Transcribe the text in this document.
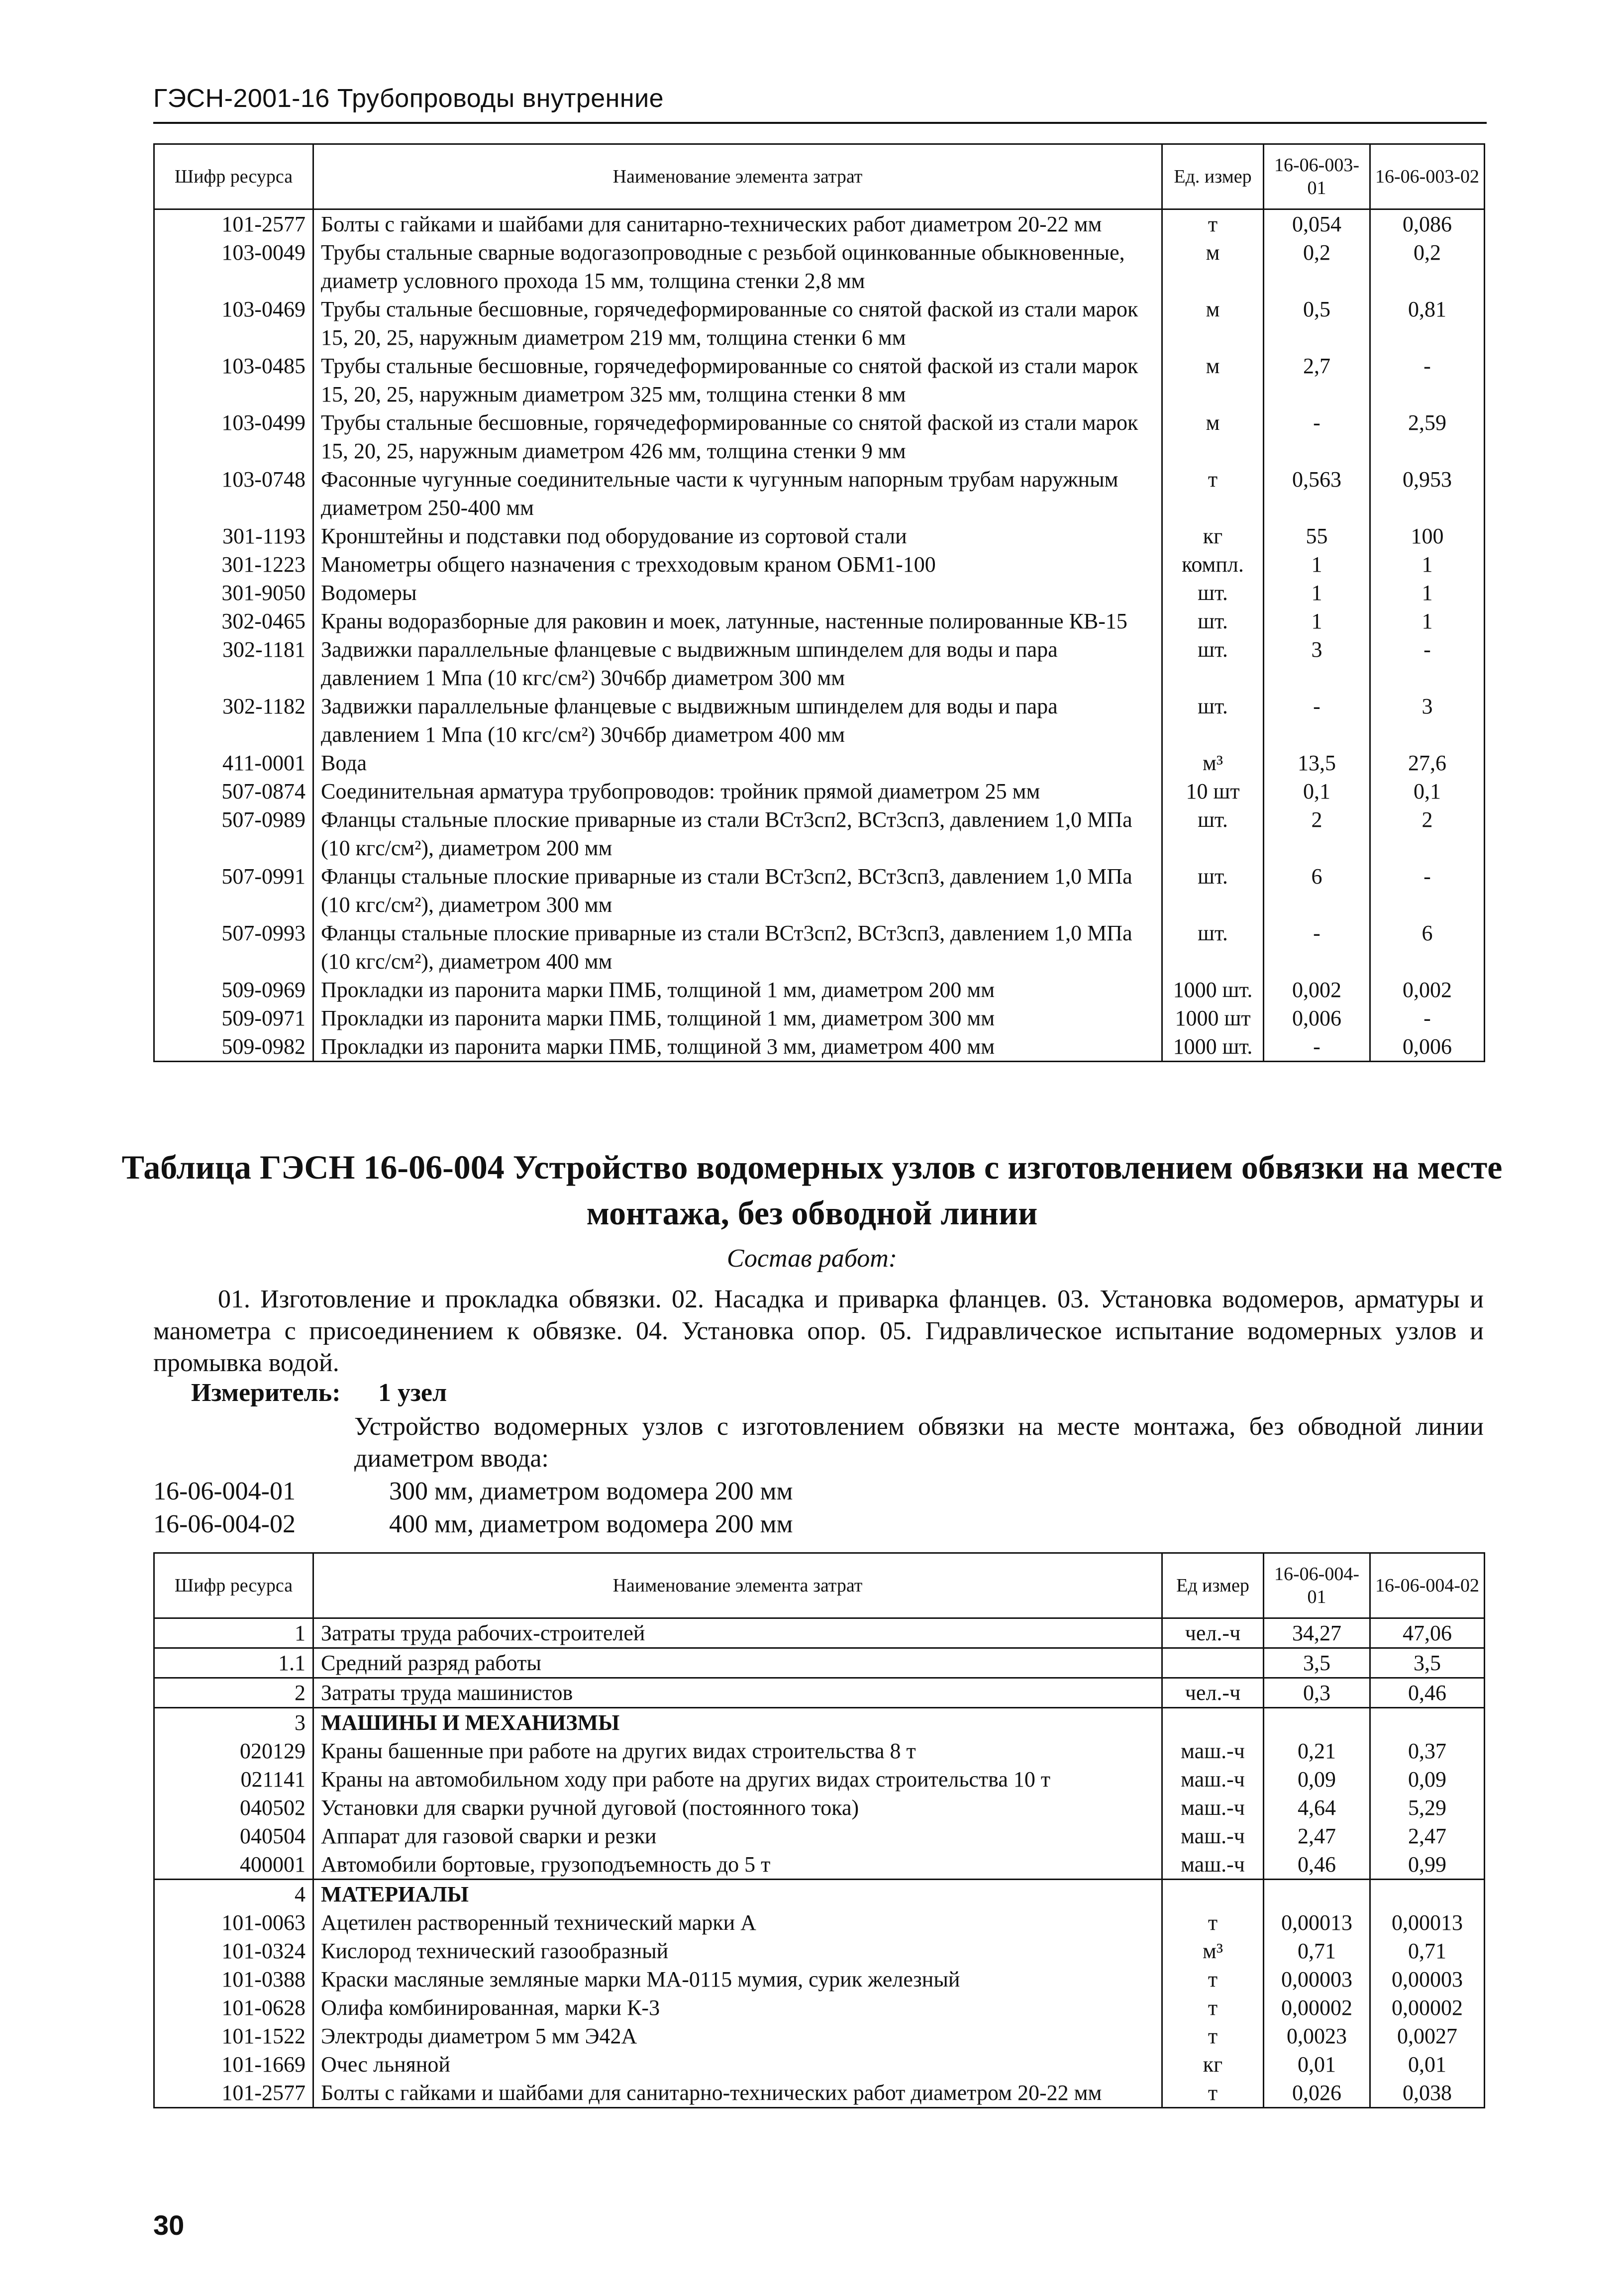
ГЭСН-2001-16 Трубопроводы внутренние
Шифр ресурса	Наименование элемента затрат	Ед. измер	16-06-003-01	16-06-003-02
101-2577	Болты с гайками и шайбами для санитарно-технических работ диаметром 20-22 мм	т	0,054	0,086
103-0049	Трубы стальные сварные водогазопроводные с резьбой оцинкованные обыкновенные, диаметр условного прохода 15 мм, толщина стенки 2,8 мм	м	0,2	0,2
103-0469	Трубы стальные бесшовные, горячедеформированные со снятой фаской из стали марок 15, 20, 25, наружным диаметром 219 мм, толщина стенки 6 мм	м	0,5	0,81
103-0485	Трубы стальные бесшовные, горячедеформированные со снятой фаской из стали марок 15, 20, 25, наружным диаметром 325 мм, толщина стенки 8 мм	м	2,7	-
103-0499	Трубы стальные бесшовные, горячедеформированные со снятой фаской из стали марок 15, 20, 25, наружным диаметром 426 мм, толщина стенки 9 мм	м	-	2,59
103-0748	Фасонные чугунные соединительные части к чугунным напорным трубам наружным диаметром 250-400 мм	т	0,563	0,953
301-1193	Кронштейны и подставки под оборудование из сортовой стали	кг	55	100
301-1223	Манометры общего назначения с трехходовым краном ОБМ1-100	компл.	1	1
301-9050	Водомеры	шт.	1	1
302-0465	Краны водоразборные для раковин и моек, латунные, настенные полированные КВ-15	шт.	1	1
302-1181	Задвижки параллельные фланцевые с выдвижным шпинделем для воды и пара давлением 1 Мпа (10 кгс/см²) 30ч6бр диаметром 300 мм	шт.	3	-
302-1182	Задвижки параллельные фланцевые с выдвижным шпинделем для воды и пара давлением 1 Мпа (10 кгс/см²) 30ч6бр диаметром 400 мм	шт.	-	3
411-0001	Вода	м³	13,5	27,6
507-0874	Соединительная арматура трубопроводов: тройник прямой диаметром 25 мм	10 шт	0,1	0,1
507-0989	Фланцы стальные плоские приварные из стали ВСт3сп2, ВСт3сп3, давлением 1,0 МПа (10 кгс/см²), диаметром 200 мм	шт.	2	2
507-0991	Фланцы стальные плоские приварные из стали ВСт3сп2, ВСт3сп3, давлением 1,0 МПа (10 кгс/см²), диаметром 300 мм	шт.	6	-
507-0993	Фланцы стальные плоские приварные из стали ВСт3сп2, ВСт3сп3, давлением 1,0 МПа (10 кгс/см²), диаметром 400 мм	шт.	-	6
509-0969	Прокладки из паронита марки ПМБ, толщиной 1 мм, диаметром 200 мм	1000 шт.	0,002	0,002
509-0971	Прокладки из паронита марки ПМБ, толщиной 1 мм, диаметром 300 мм	1000 шт	0,006	-
509-0982	Прокладки из паронита марки ПМБ, толщиной 3 мм, диаметром 400 мм	1000 шт.	-	0,006
Таблица ГЭСН 16-06-004 Устройство водомерных узлов с изготовлением обвязки на месте монтажа, без обводной линии
Состав работ:
01. Изготовление и прокладка обвязки. 02. Насадка и приварка фланцев. 03. Установка водомеров, арматуры и манометра с присоединением к обвязке. 04. Установка опор. 05. Гидравлическое испытание водомерных узлов и промывка водой.
Измеритель: 1 узел
Устройство водомерных узлов с изготовлением обвязки на месте монтажа, без обводной линии диаметром ввода:
16-06-004-01	300 мм, диаметром водомера 200 мм
16-06-004-02	400 мм, диаметром водомера 200 мм
Шифр ресурса	Наименование элемента затрат	Ед измер	16-06-004-01	16-06-004-02
1	Затраты труда рабочих-строителей	чел.-ч	34,27	47,06
1.1	Средний разряд работы		3,5	3,5
2	Затраты труда машинистов	чел.-ч	0,3	0,46
3	МАШИНЫ И МЕХАНИЗМЫ			
020129	Краны башенные при работе на других видах строительства 8 т	маш.-ч	0,21	0,37
021141	Краны на автомобильном ходу при работе на других видах строительства 10 т	маш.-ч	0,09	0,09
040502	Установки для сварки ручной дуговой (постоянного тока)	маш.-ч	4,64	5,29
040504	Аппарат для газовой сварки и резки	маш.-ч	2,47	2,47
400001	Автомобили бортовые, грузоподъемность до 5 т	маш.-ч	0,46	0,99
4	МАТЕРИАЛЫ			
101-0063	Ацетилен растворенный технический марки А	т	0,00013	0,00013
101-0324	Кислород технический газообразный	м³	0,71	0,71
101-0388	Краски масляные земляные марки МА-0115 мумия, сурик железный	т	0,00003	0,00003
101-0628	Олифа комбинированная, марки К-3	т	0,00002	0,00002
101-1522	Электроды диаметром 5 мм Э42А	т	0,0023	0,0027
101-1669	Очес льняной	кг	0,01	0,01
101-2577	Болты с гайками и шайбами для санитарно-технических работ диаметром 20-22 мм	т	0,026	0,038
30
